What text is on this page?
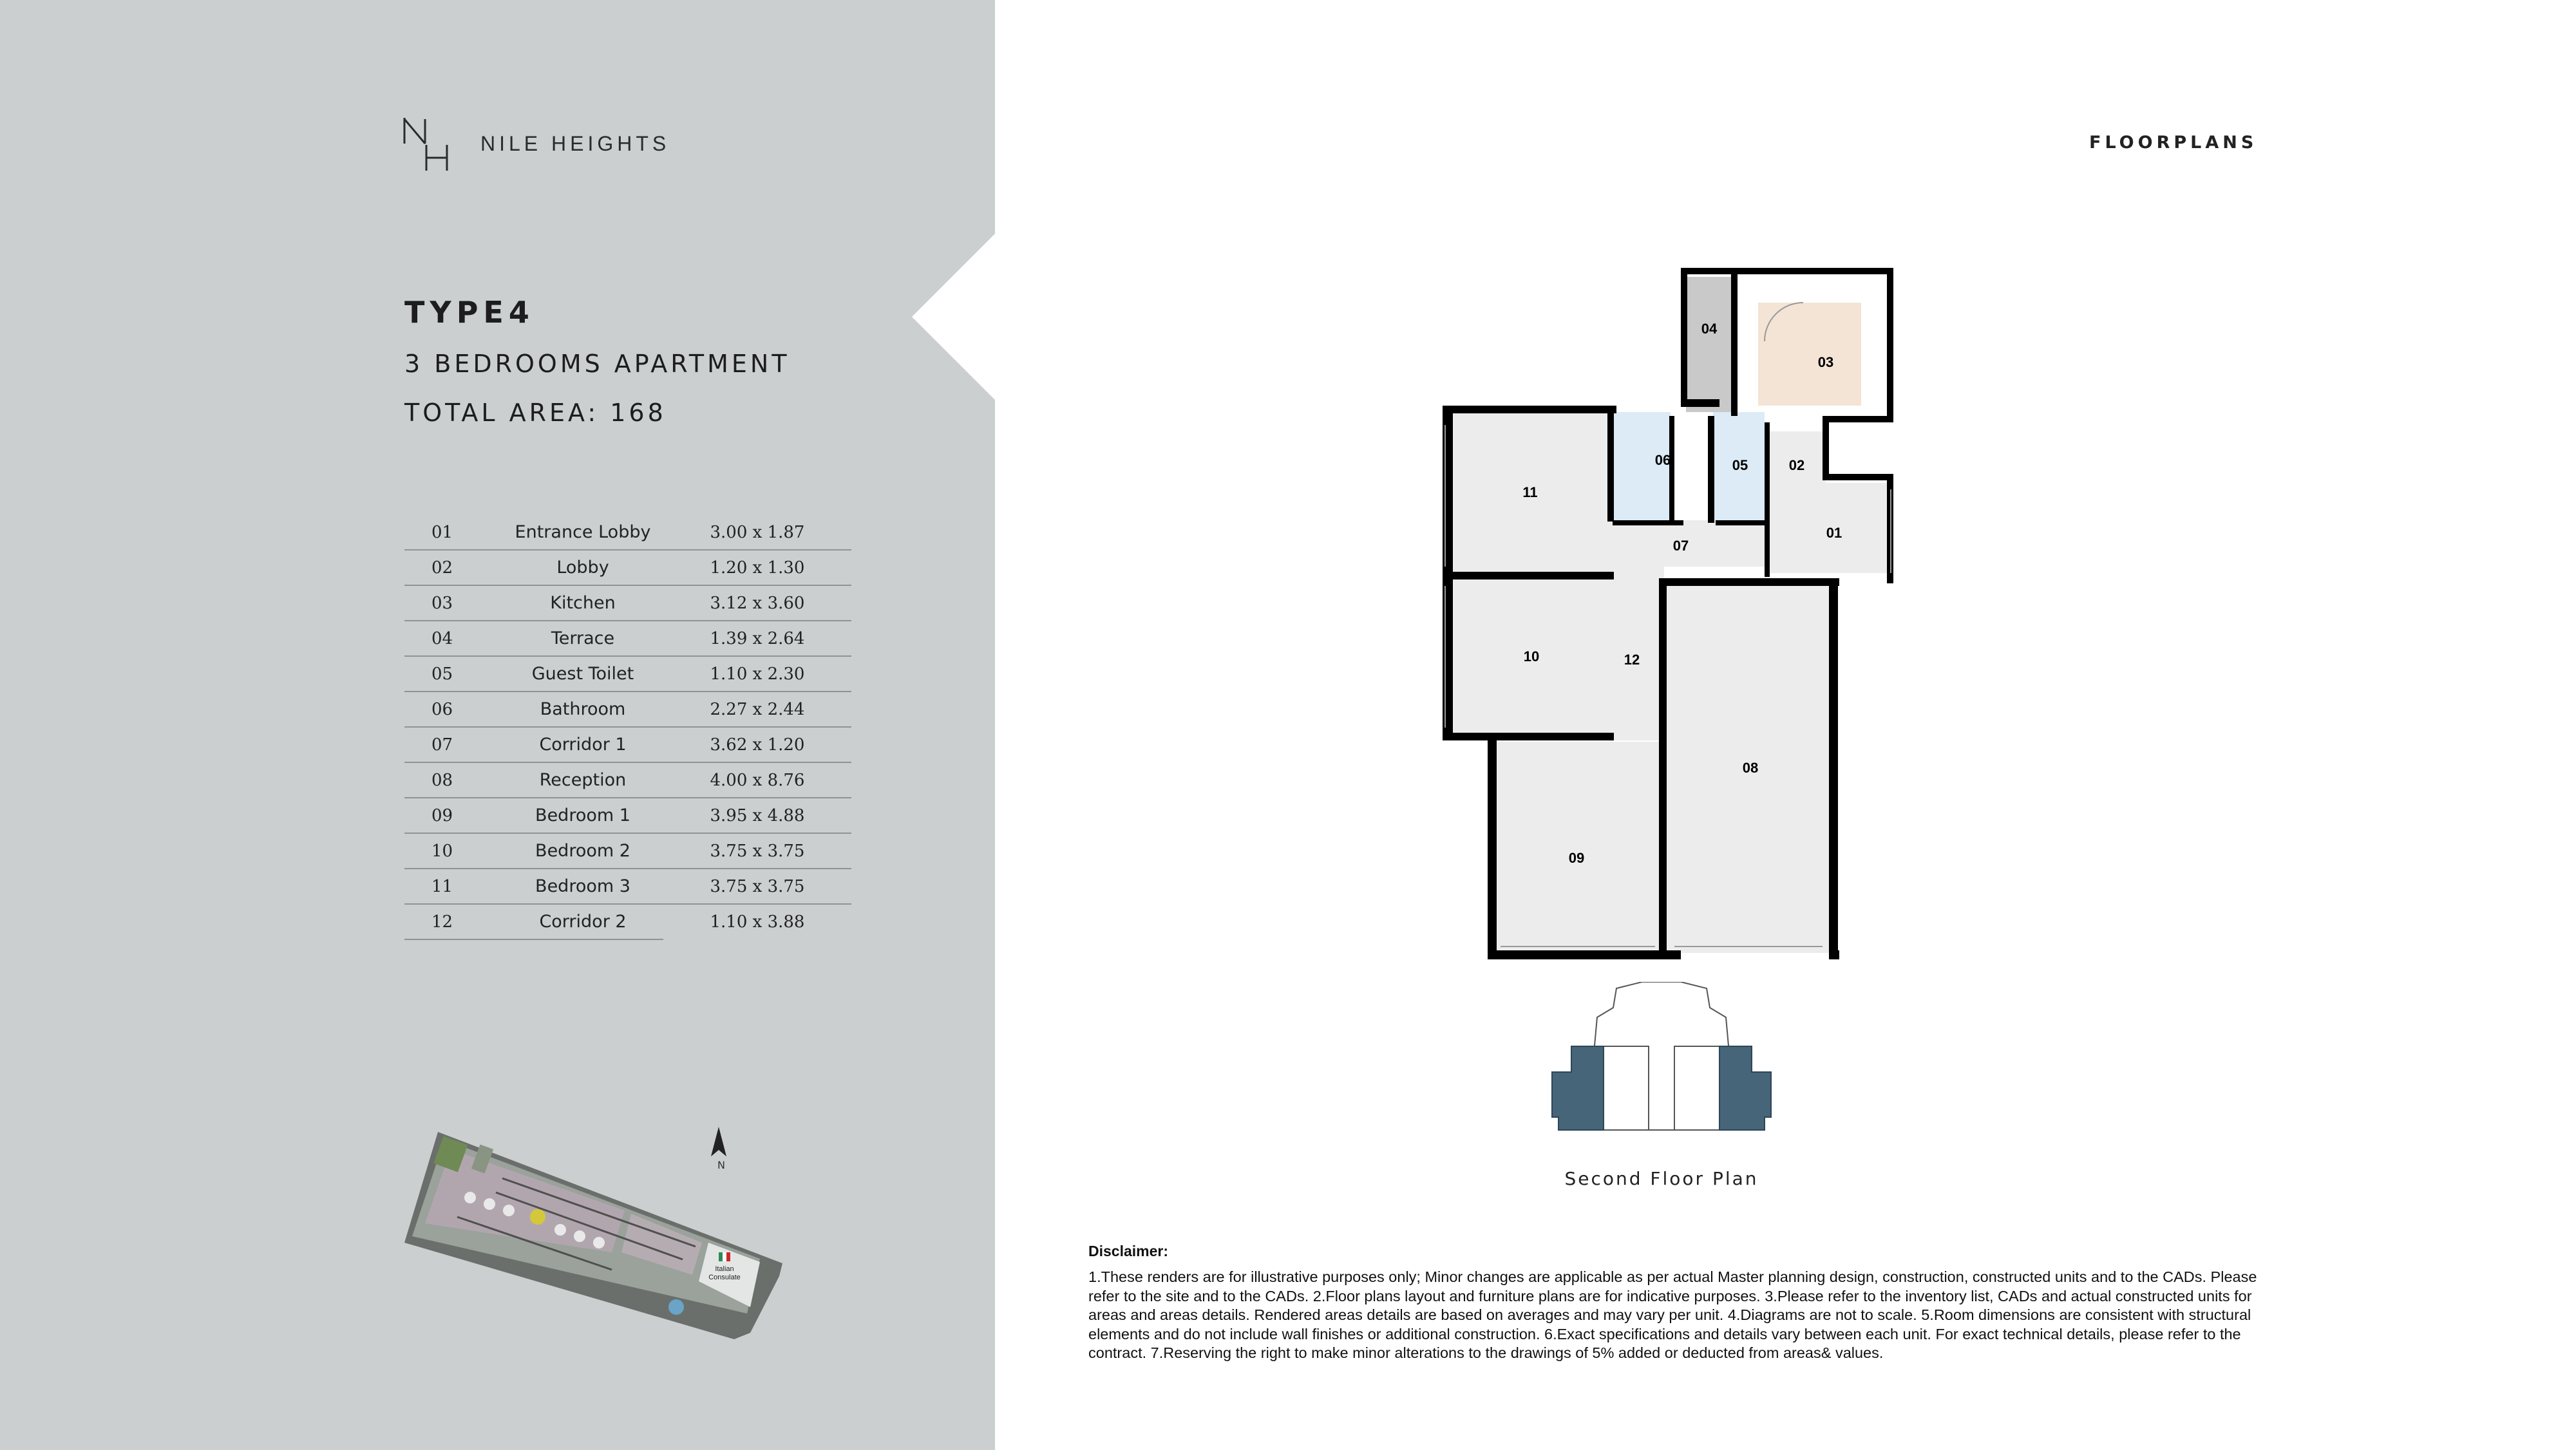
NILE HEIGHTS
TYPE4
3 BEDROOMS APARTMENT
TOTAL AREA: 168
01	Entrance Lobby	3.00 x 1.87
02	Lobby	1.20 x 1.30
03	Kitchen	3.12 x 3.60
04	Terrace	1.39 x 2.64
05	Guest Toilet	1.10 x 2.30
06	Bathroom	2.27 x 2.44
07	Corridor 1	3.62 x 1.20
08	Reception	4.00 x 8.76
09	Bedroom 1	3.95 x 4.88
10	Bedroom 2	3.75 x 3.75
11	Bedroom 3	3.75 x 3.75
12	Corridor 2	1.10 x 3.88
Italian
Consulate
N
FLOORPLANS
11
10	12
07
01
02
05
06
04
03
08
09
Second Floor Plan
Disclaimer:
1.These renders are for illustrative purposes only; Minor changes are applicable as per actual Master planning design, construction, constructed units and to the CADs. Please refer to the site and to the CADs. 2.Floor plans layout and furniture plans are for indicative purposes. 3.Please refer to the inventory list, CADs and actual constructed units for areas and areas details. Rendered areas details are based on averages and may vary per unit. 4.Diagrams are not to scale. 5.Room dimensions are consistent with structural elements and do not include wall finishes or additional construction. 6.Exact specifications and details vary between each unit. For exact technical details, please refer to the contract. 7.Reserving the right to make minor alterations to the drawings of 5% added or deducted from areas& values.
